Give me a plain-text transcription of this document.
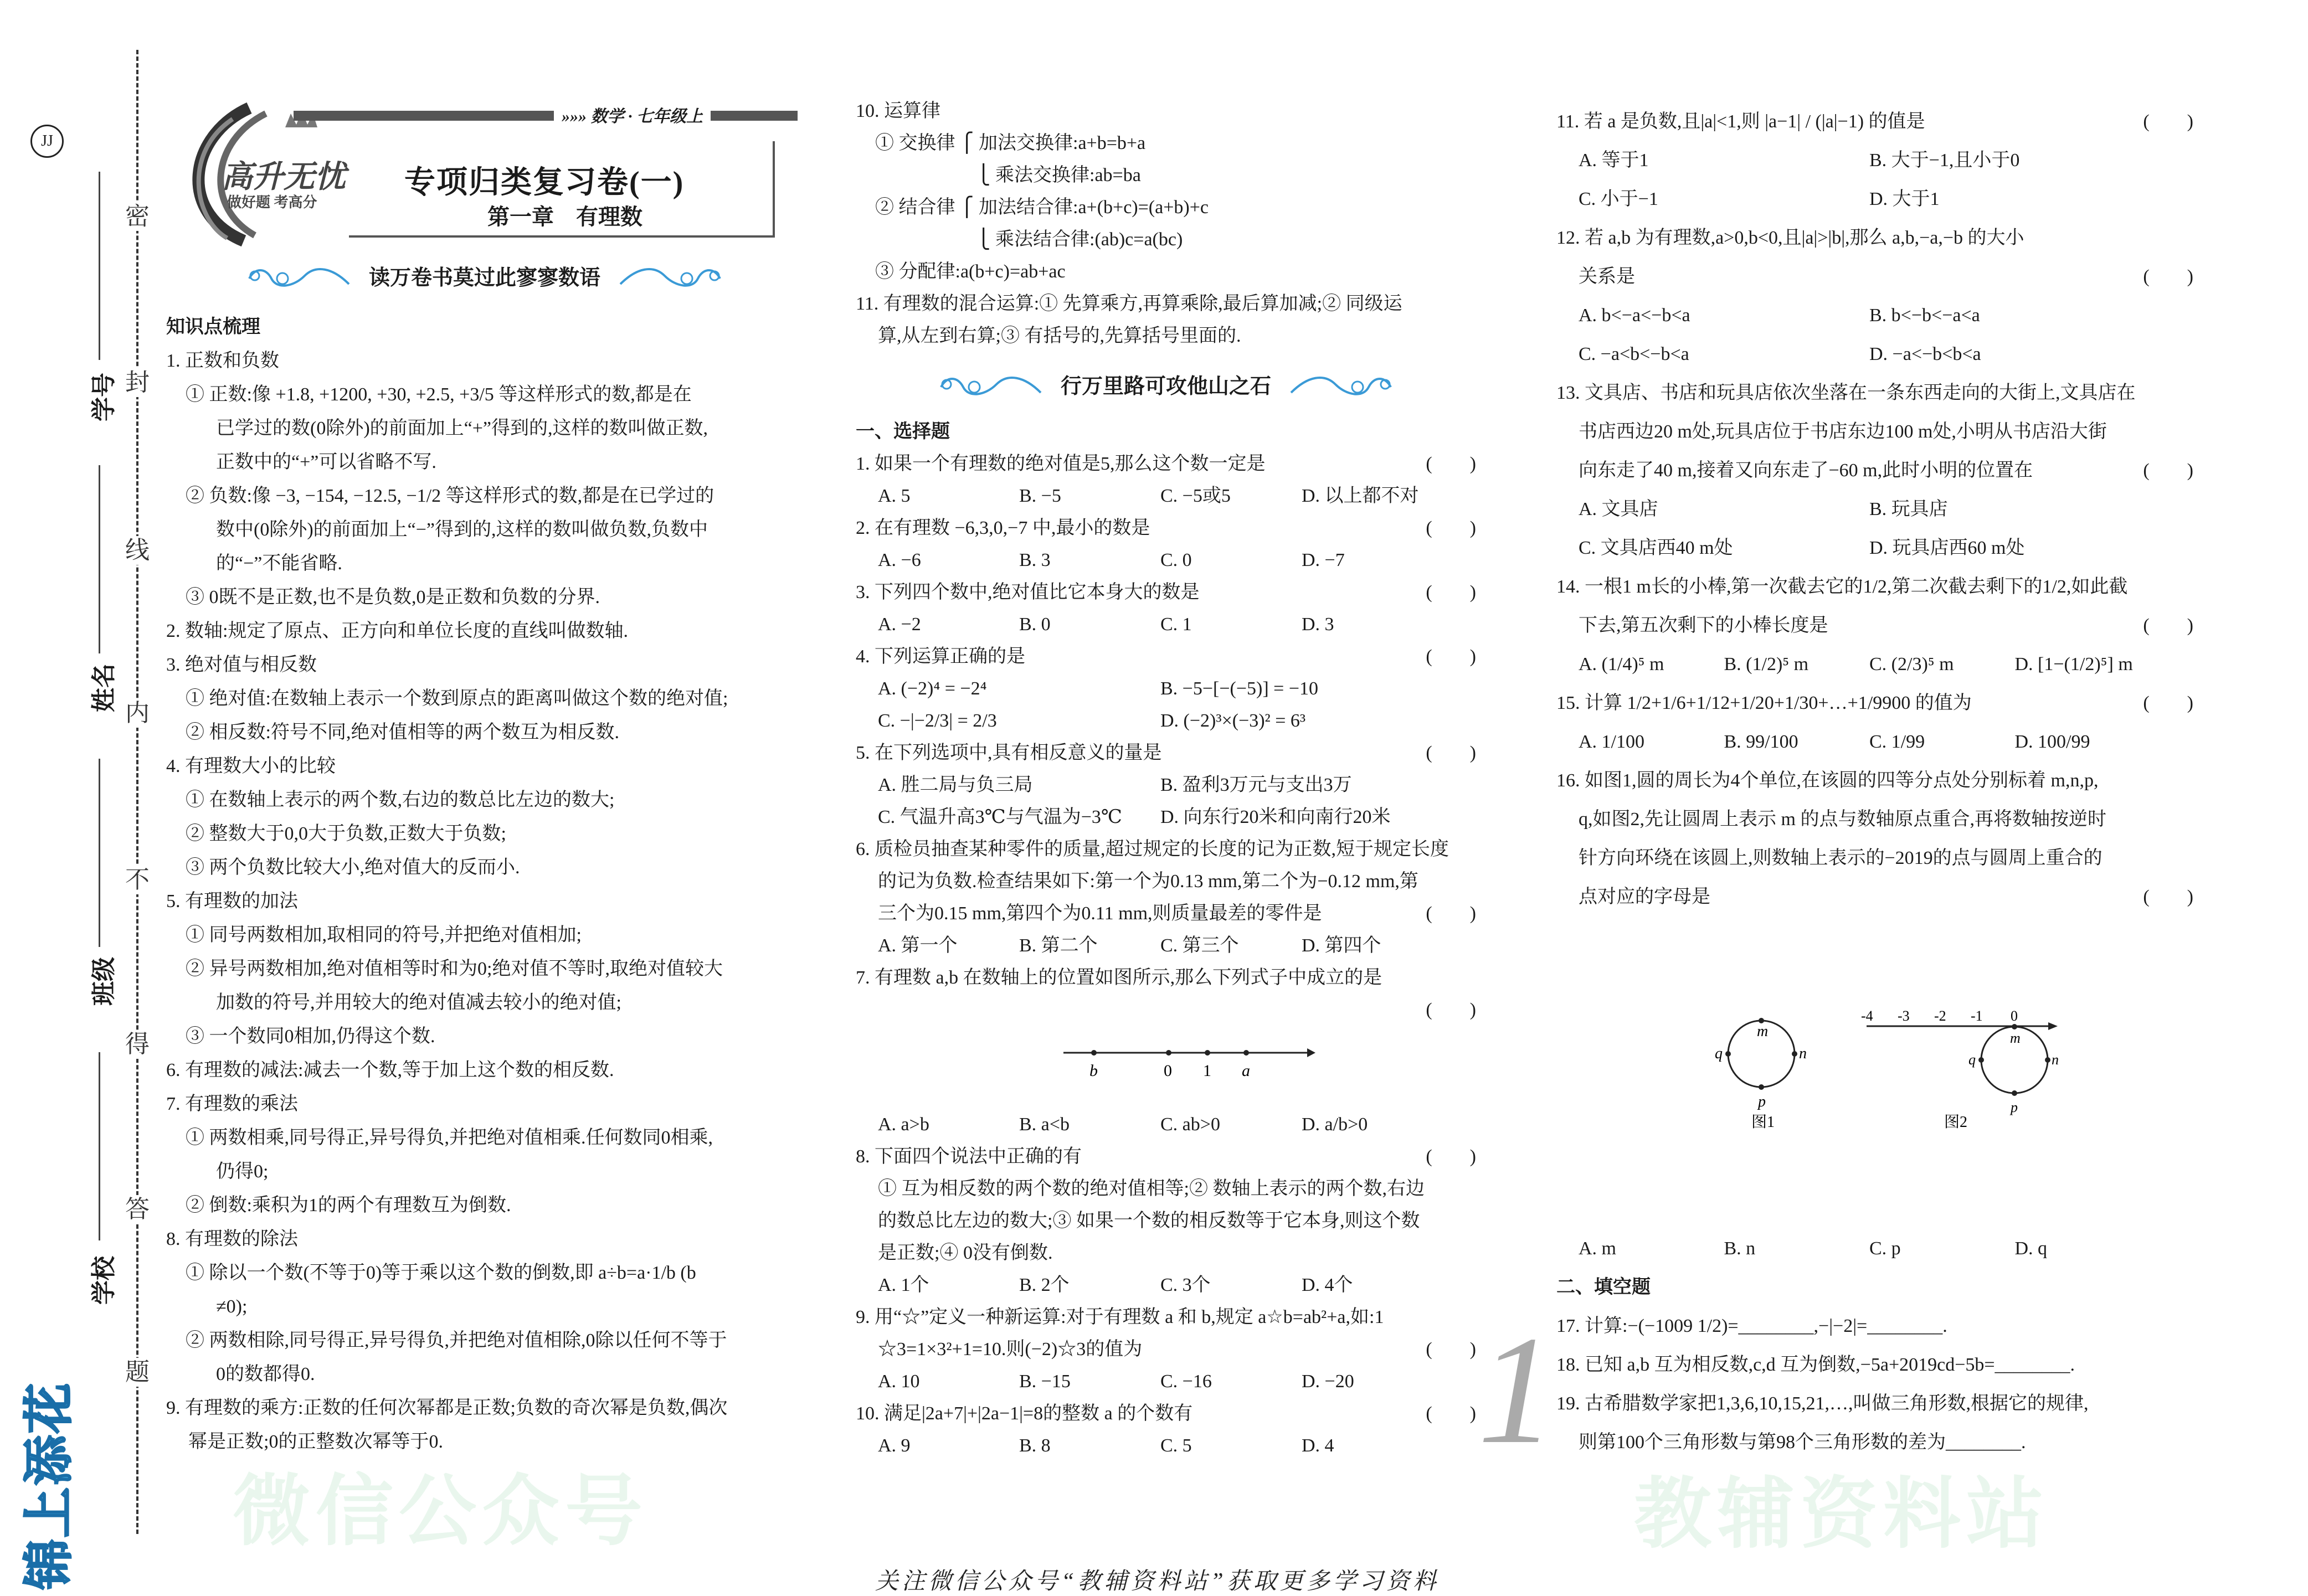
JJ
密
封
线
内
不
得
答
题
学号
姓名
班级
学校
锦上添花 微信公众号	教辅资料站
»»» 数学 · 七年级上
高升无忧
做好题 考高分
专项归类复习卷(一)
第一章　有理数
读万卷书莫过此寥寥数语
知识点梳理
1. 正数和负数
① 正数:像 +1.8, +1200, +30, +2.5, +3/5 等这样形式的数,都是在
已学过的数(0除外)的前面加上“+”得到的,这样的数叫做正数,
正数中的“+”可以省略不写.
② 负数:像 −3, −154, −12.5, −1/2 等这样形式的数,都是在已学过的
数中(0除外)的前面加上“−”得到的,这样的数叫做负数,负数中
的“−”不能省略.
③ 0既不是正数,也不是负数,0是正数和负数的分界.
2. 数轴:规定了原点、正方向和单位长度的直线叫做数轴.
3. 绝对值与相反数
① 绝对值:在数轴上表示一个数到原点的距离叫做这个数的绝对值;
② 相反数:符号不同,绝对值相等的两个数互为相反数.
4. 有理数大小的比较
① 在数轴上表示的两个数,右边的数总比左边的数大;
② 整数大于0,0大于负数,正数大于负数;
③ 两个负数比较大小,绝对值大的反而小.
5. 有理数的加法
① 同号两数相加,取相同的符号,并把绝对值相加;
② 异号两数相加,绝对值相等时和为0;绝对值不等时,取绝对值较大
加数的符号,并用较大的绝对值减去较小的绝对值;
③ 一个数同0相加,仍得这个数.
6. 有理数的减法:减去一个数,等于加上这个数的相反数.
7. 有理数的乘法
① 两数相乘,同号得正,异号得负,并把绝对值相乘.任何数同0相乘,
仍得0;
② 倒数:乘积为1的两个有理数互为倒数.
8. 有理数的除法
① 除以一个数(不等于0)等于乘以这个数的倒数,即 a÷b=a·1/b (b
≠0);
② 两数相除,同号得正,异号得负,并把绝对值相除,0除以任何不等于
0的数都得0.
9. 有理数的乘方:正数的任何次幂都是正数;负数的奇次幂是负数,偶次
幂是正数;0的正整数次幂等于0.
10. 运算律
① 交换律 ⎧ 加法交换律:a+b=b+a
⎩ 乘法交换律:ab=ba
② 结合律 ⎧ 加法结合律:a+(b+c)=(a+b)+c
⎩ 乘法结合律:(ab)c=a(bc)
③ 分配律:a(b+c)=ab+ac
11. 有理数的混合运算:① 先算乘方,再算乘除,最后算加减;② 同级运
算,从左到右算;③ 有括号的,先算括号里面的.
行万里路可攻他山之石
一、选择题
1. 如果一个有理数的绝对值是5,那么这个数一定是	(　　)
A. 5	B. −5	C. −5或5	D. 以上都不对
2. 在有理数 −6,3,0,−7 中,最小的数是	(　　)
A. −6	B. 3	C. 0	D. −7
3. 下列四个数中,绝对值比它本身大的数是	(　　)
A. −2	B. 0	C. 1	D. 3
4. 下列运算正确的是	(　　)
A. (−2)⁴ = −2⁴	B. −5−[−(−5)] = −10
C. −|−2/3| = 2/3	D. (−2)³×(−3)² = 6³
5. 在下列选项中,具有相反意义的量是	(　　)
A. 胜二局与负三局	B. 盈利3万元与支出3万
C. 气温升高3℃与气温为−3℃	D. 向东行20米和向南行20米
6. 质检员抽查某种零件的质量,超过规定的长度的记为正数,短于规定长度
的记为负数.检查结果如下:第一个为0.13 mm,第二个为−0.12 mm,第
三个为0.15 mm,第四个为0.11 mm,则质量最差的零件是	(　　)
A. 第一个	B. 第二个	C. 第三个	D. 第四个
7. 有理数 a,b 在数轴上的位置如图所示,那么下列式子中成立的是

(　　)
b	0 1 a
A. a>b	B. a<b	C. ab>0	D. a/b>0
8. 下面四个说法中正确的有	(　　)
① 互为相反数的两个数的绝对值相等;② 数轴上表示的两个数,右边
的数总比左边的数大;③ 如果一个数的相反数等于它本身,则这个数
是正数;④ 0没有倒数.
A. 1个	B. 2个	C. 3个	D. 4个
9. 用“☆”定义一种新运算:对于有理数 a 和 b,规定 a☆b=ab²+a,如:1
☆3=1×3²+1=10.则(−2)☆3的值为	(　　)
A. 10	B. −15	C. −16	D. −20
10. 满足|2a+7|+|2a−1|=8的整数 a 的个数有	(　　)
A. 9	B. 8	C. 5	D. 4
11. 若 a 是负数,且|a|<1,则 |a−1| / (|a|−1) 的值是	(　　)
A. 等于1	B. 大于−1,且小于0
C. 小于−1	D. 大于1
12. 若 a,b 为有理数,a>0,b<0,且|a|>|b|,那么 a,b,−a,−b 的大小
关系是	(　　)
A. b<−a<−b<a	B. b<−b<−a<a
C. −a<b<−b<a	D. −a<−b<b<a
13. 文具店、书店和玩具店依次坐落在一条东西走向的大街上,文具店在
书店西边20 m处,玩具店位于书店东边100 m处,小明从书店沿大街
向东走了40 m,接着又向东走了−60 m,此时小明的位置在	(　　)
A. 文具店	B. 玩具店
C. 文具店西40 m处	D. 玩具店西60 m处
14. 一根1 m长的小棒,第一次截去它的1/2,第二次截去剩下的1/2,如此截
下去,第五次剩下的小棒长度是	(　　)
A. (1/4)⁵ m	B. (1/2)⁵ m	C. (2/3)⁵ m	D. [1−(1/2)⁵] m
15. 计算 1/2+1/6+1/12+1/20+1/30+…+1/9900 的值为	(　　)
A. 1/100	B. 99/100	C. 1/99	D. 100/99
16. 如图1,圆的周长为4个单位,在该圆的四等分点处分别标着 m,n,p,
q,如图2,先让圆周上表示 m 的点与数轴原点重合,再将数轴按逆时
针方向环绕在该圆上,则数轴上表示的−2019的点与圆周上重合的
点对应的字母是	(　　)
m
n
p
q
图1
-4 -3 -2 -1 0
m
n
p
q
图2
A. m	B. n	C. p	D. q
二、填空题
17. 计算:−(−1009 1/2)=________,−|−2|=________.
18. 已知 a,b 互为相反数,c,d 互为倒数,−5a+2019cd−5b=________.
19. 古希腊数学家把1,3,6,10,15,21,…,叫做三角形数,根据它的规律,
则第100个三角形数与第98个三角形数的差为________.
1
关注微信公众号“教辅资料站”获取更多学习资料
